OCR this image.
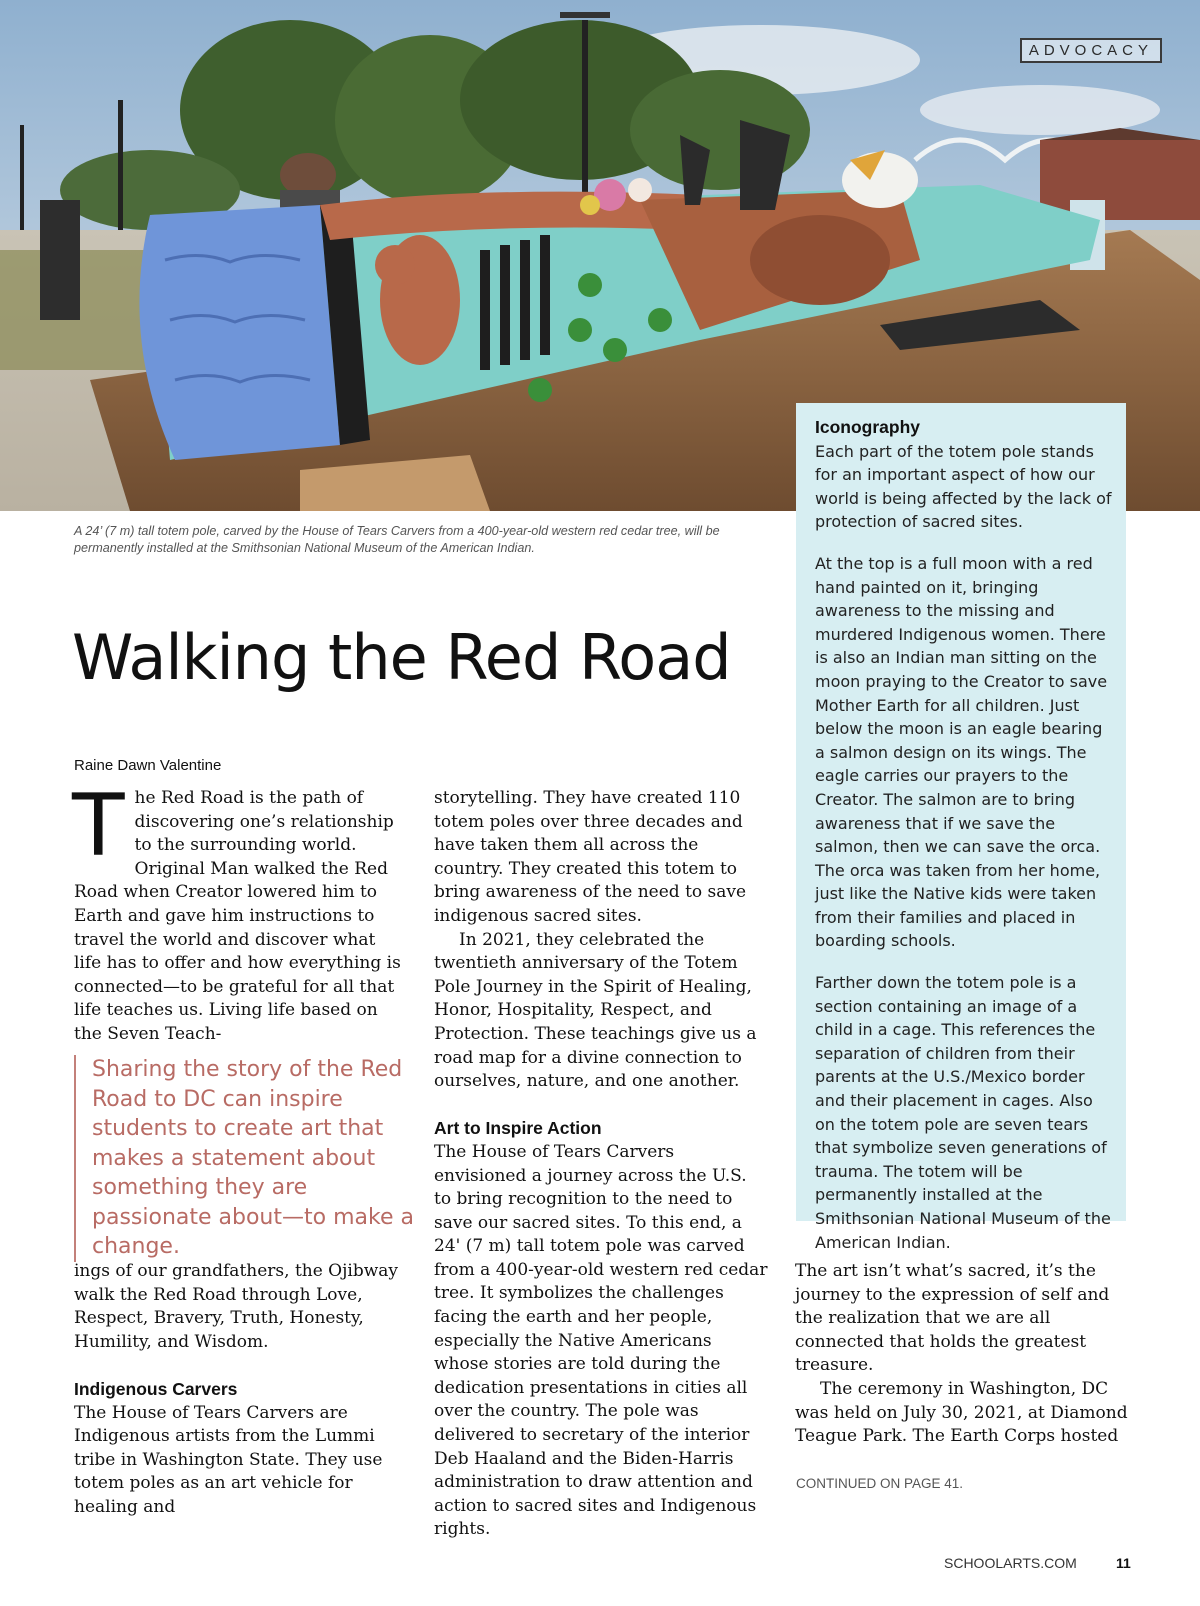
ADVOCACY

A 24’ (7 m) tall totem pole, carved by the House of Tears Carvers from a 400-year-old western red cedar tree, will be permanently installed at the Smithsonian National Museum of the American Indian.

Walking the Red Road

Raine Dawn Valentine

The Red Road is the path of discovering one’s relationship to the surrounding world. Original Man walked the Red Road when Creator lowered him to Earth and gave him instructions to travel the world and discover what life has to offer and how everything is connected—to be grateful for all that life teaches us. Living life based on the Seven Teach-

Sharing the story of the Red Road to DC can inspire students to create art that makes a statement about something they are passionate about—to make a change.

ings of our grandfathers, the Ojibway walk the Red Road through Love, Respect, Bravery, Truth, Honesty, Humility, and Wisdom.

Indigenous Carvers

The House of Tears Carvers are Indigenous artists from the Lummi tribe in Washington State. They use totem poles as an art vehicle for healing and

storytelling. They have created 110 totem poles over three decades and have taken them all across the country. They created this totem to bring awareness of the need to save indigenous sacred sites.

In 2021, they celebrated the twentieth anniversary of the Totem Pole Journey in the Spirit of Healing, Honor, Hospitality, Respect, and Protection. These teachings give us a road map for a divine connection to ourselves, nature, and one another.

Art to Inspire Action

The House of Tears Carvers envisioned a journey across the U.S. to bring recognition to the need to save our sacred sites. To this end, a 24' (7 m) tall totem pole was carved from a 400-year-old western red cedar tree. It symbolizes the challenges facing the earth and her people, especially the Native Americans whose stories are told during the dedication presentations in cities all over the country. The pole was delivered to secretary of the interior Deb Haaland and the Biden-Harris administration to draw attention and action to sacred sites and Indigenous rights.

Iconography

Each part of the totem pole stands for an important aspect of how our world is being affected by the lack of protection of sacred sites.

At the top is a full moon with a red hand painted on it, bringing awareness to the missing and murdered Indigenous women. There is also an Indian man sitting on the moon praying to the Creator to save Mother Earth for all children. Just below the moon is an eagle bearing a salmon design on its wings. The eagle carries our prayers to the Creator. The salmon are to bring awareness that if we save the salmon, then we can save the orca. The orca was taken from her home, just like the Native kids were taken from their families and placed in boarding schools.

Farther down the totem pole is a section containing an image of a child in a cage. This references the separation of children from their parents at the U.S./Mexico border and their placement in cages. Also on the totem pole are seven tears that symbolize seven generations of trauma. The totem will be permanently installed at the Smithsonian National Museum of the American Indian.

The art isn’t what’s sacred, it’s the journey to the expression of self and the realization that we are all connected that holds the greatest treasure.

The ceremony in Washington, DC was held on July 30, 2021, at Diamond Teague Park. The Earth Corps hosted

CONTINUED ON PAGE 41.

SCHOOLARTS.COM	11
